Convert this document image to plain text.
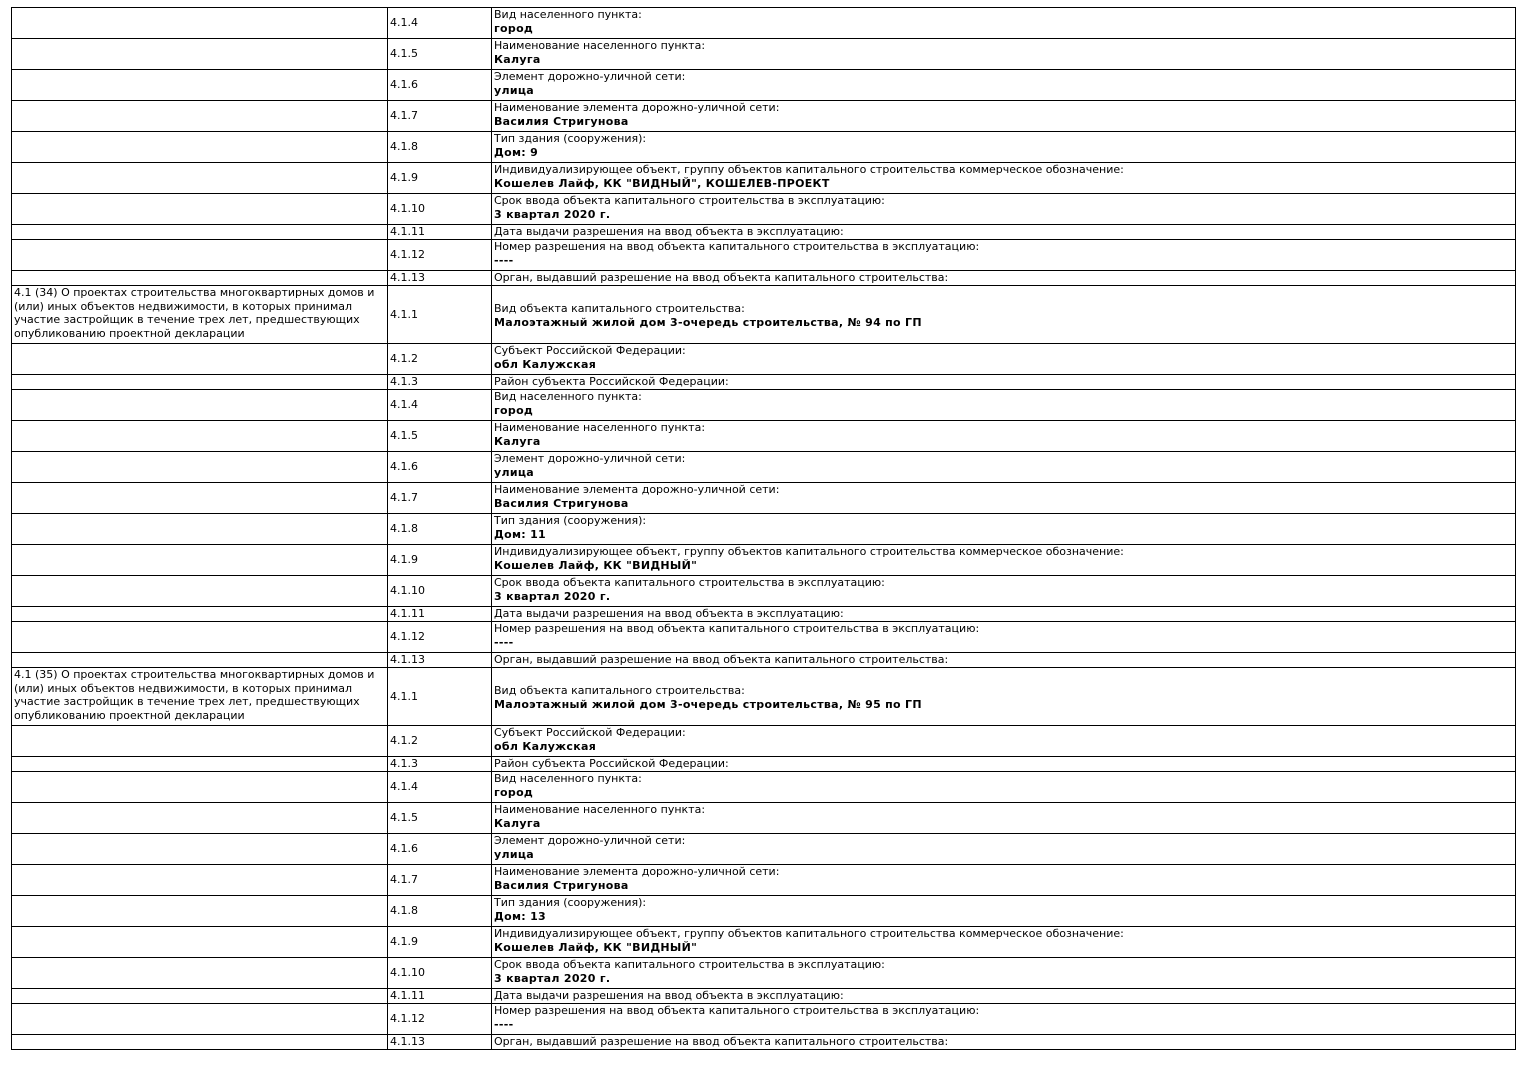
	4.1.4	Вид населенного пункта:
город

	4.1.5	Наименование населенного пункта:
Калуга

	4.1.6	Элемент дорожно-уличной сети:
улица

	4.1.7	Наименование элемента дорожно-уличной сети:
Василия Стригунова

	4.1.8	Тип здания (сооружения):
Дом: 9

	4.1.9	Индивидуализирующее объект, группу объектов капитального строительства коммерческое обозначение:
Кошелев Лайф, КК "ВИДНЫЙ", КОШЕЛЕВ-ПРОЕКТ

	4.1.10	Срок ввода объекта капитального строительства в эксплуатацию:
3 квартал 2020 г.

	4.1.11	Дата выдачи разрешения на ввод объекта в эксплуатацию:

	4.1.12	Номер разрешения на ввод объекта капитального строительства в эксплуатацию:
----

	4.1.13	Орган, выдавший разрешение на ввод объекта капитального строительства:

4.1 (34) О проектах строительства многоквартирных домов и
(или) иных объектов недвижимости, в которых принимал
участие застройщик в течение трех лет, предшествующих
опубликованию проектной декларации	4.1.1	Вид объекта капитального строительства:
Малоэтажный жилой дом 3-очередь строительства, № 94 по ГП

	4.1.2	Субъект Российской Федерации:
обл Калужская

	4.1.3	Район субъекта Российской Федерации:

	4.1.4	Вид населенного пункта:
город

	4.1.5	Наименование населенного пункта:
Калуга

	4.1.6	Элемент дорожно-уличной сети:
улица

	4.1.7	Наименование элемента дорожно-уличной сети:
Василия Стригунова

	4.1.8	Тип здания (сооружения):
Дом: 11

	4.1.9	Индивидуализирующее объект, группу объектов капитального строительства коммерческое обозначение:
Кошелев Лайф, КК "ВИДНЫЙ"

	4.1.10	Срок ввода объекта капитального строительства в эксплуатацию:
3 квартал 2020 г.

	4.1.11	Дата выдачи разрешения на ввод объекта в эксплуатацию:

	4.1.12	Номер разрешения на ввод объекта капитального строительства в эксплуатацию:
----

	4.1.13	Орган, выдавший разрешение на ввод объекта капитального строительства:

4.1 (35) О проектах строительства многоквартирных домов и
(или) иных объектов недвижимости, в которых принимал
участие застройщик в течение трех лет, предшествующих
опубликованию проектной декларации	4.1.1	Вид объекта капитального строительства:
Малоэтажный жилой дом 3-очередь строительства, № 95 по ГП

	4.1.2	Субъект Российской Федерации:
обл Калужская

	4.1.3	Район субъекта Российской Федерации:

	4.1.4	Вид населенного пункта:
город

	4.1.5	Наименование населенного пункта:
Калуга

	4.1.6	Элемент дорожно-уличной сети:
улица

	4.1.7	Наименование элемента дорожно-уличной сети:
Василия Стригунова

	4.1.8	Тип здания (сооружения):
Дом: 13

	4.1.9	Индивидуализирующее объект, группу объектов капитального строительства коммерческое обозначение:
Кошелев Лайф, КК "ВИДНЫЙ"

	4.1.10	Срок ввода объекта капитального строительства в эксплуатацию:
3 квартал 2020 г.

	4.1.11	Дата выдачи разрешения на ввод объекта в эксплуатацию:

	4.1.12	Номер разрешения на ввод объекта капитального строительства в эксплуатацию:
----

	4.1.13	Орган, выдавший разрешение на ввод объекта капитального строительства:
